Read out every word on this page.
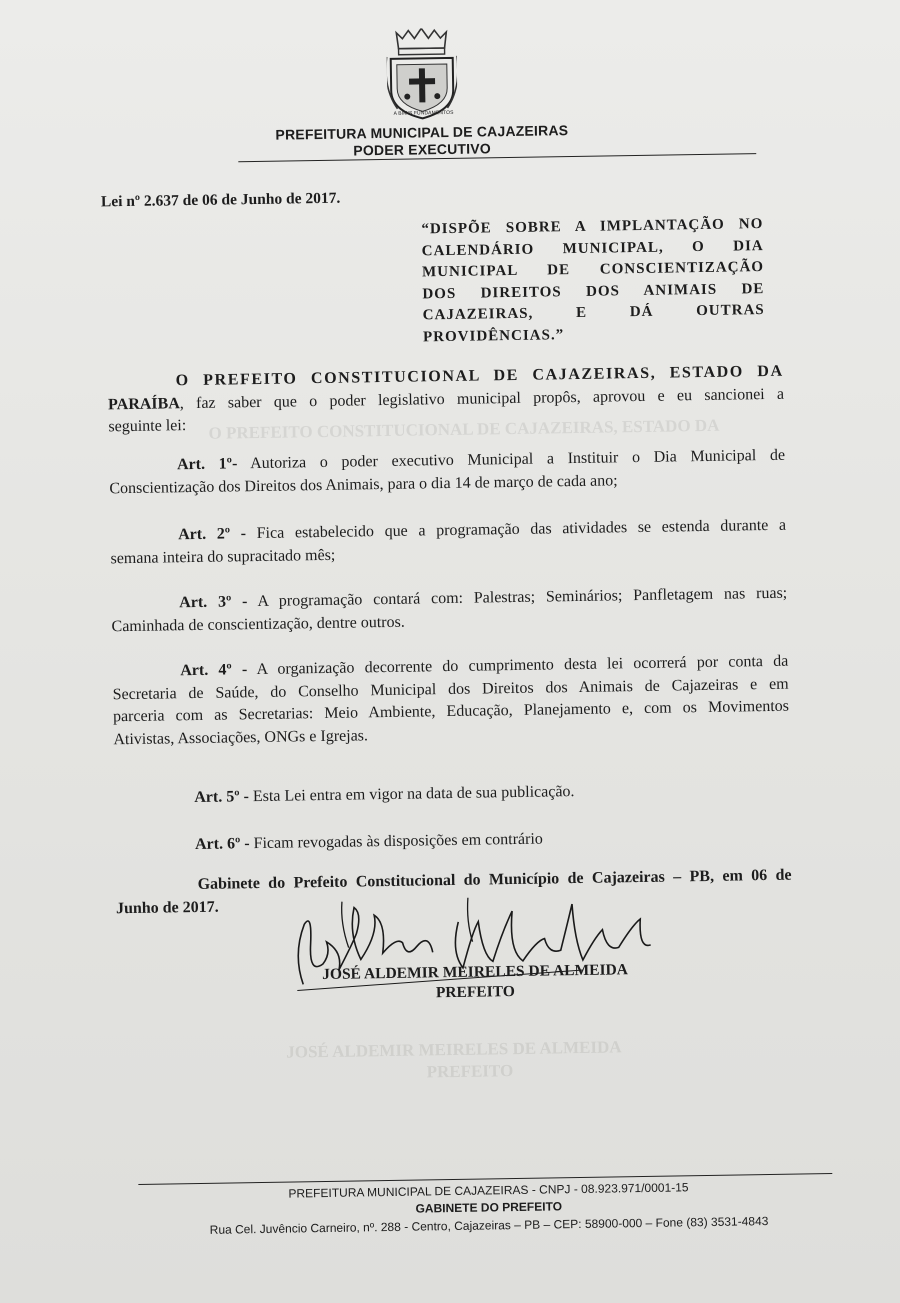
A BIMIS FUNDAMENTOS
PREFEITURA MUNICIPAL DE CAJAZEIRAS
PODER EXECUTIVO
Lei nº 2.637 de 06 de Junho de 2017.
“DISPÕE SOBRE A IMPLANTAÇÃO NO
CALENDÁRIO MUNICIPAL, O DIA
MUNICIPAL DE CONSCIENTIZAÇÃO
DOS DIREITOS DOS ANIMAIS DE
CAJAZEIRAS, E DÁ OUTRAS
PROVIDÊNCIAS.”
O PREFEITO CONSTITUCIONAL DE CAJAZEIRAS, ESTADO DA
JOSÉ ALDEMIR MEIRELES DE ALMEIDA
PREFEITO
O PREFEITO CONSTITUCIONAL DE CAJAZEIRAS, ESTADO DA
PARAÍBA, faz saber que o poder legislativo municipal propôs, aprovou e eu sancionei a
seguinte lei:
Art. 1º- Autoriza o poder executivo Municipal a Instituir o Dia Municipal de
Conscientização dos Direitos dos Animais, para o dia 14 de março de cada ano;
Art. 2º - Fica estabelecido que a programação das atividades se estenda durante a
semana inteira do supracitado mês;
Art. 3º - A programação contará com: Palestras; Seminários; Panfletagem nas ruas;
Caminhada de conscientização, dentre outros.
Art. 4º - A organização decorrente do cumprimento desta lei ocorrerá por conta da
Secretaria de Saúde, do Conselho Municipal dos Direitos dos Animais de Cajazeiras e em
parceria com as Secretarias: Meio Ambiente, Educação, Planejamento e, com os Movimentos
Ativistas, Associações, ONGs e Igrejas.
Art. 5º - Esta Lei entra em vigor na data de sua publicação.
Art. 6º - Ficam revogadas às disposições em contrário
Gabinete do Prefeito Constitucional do Município de Cajazeiras – PB, em 06 de
Junho de 2017.
JOSÉ ALDEMIR MEIRELES DE ALMEIDA
PREFEITO
PREFEITURA MUNICIPAL DE CAJAZEIRAS - CNPJ - 08.923.971/0001-15
GABINETE DO PREFEITO
Rua Cel. Juvêncio Carneiro, nº. 288 - Centro, Cajazeiras – PB – CEP: 58900-000 – Fone (83) 3531-4843
